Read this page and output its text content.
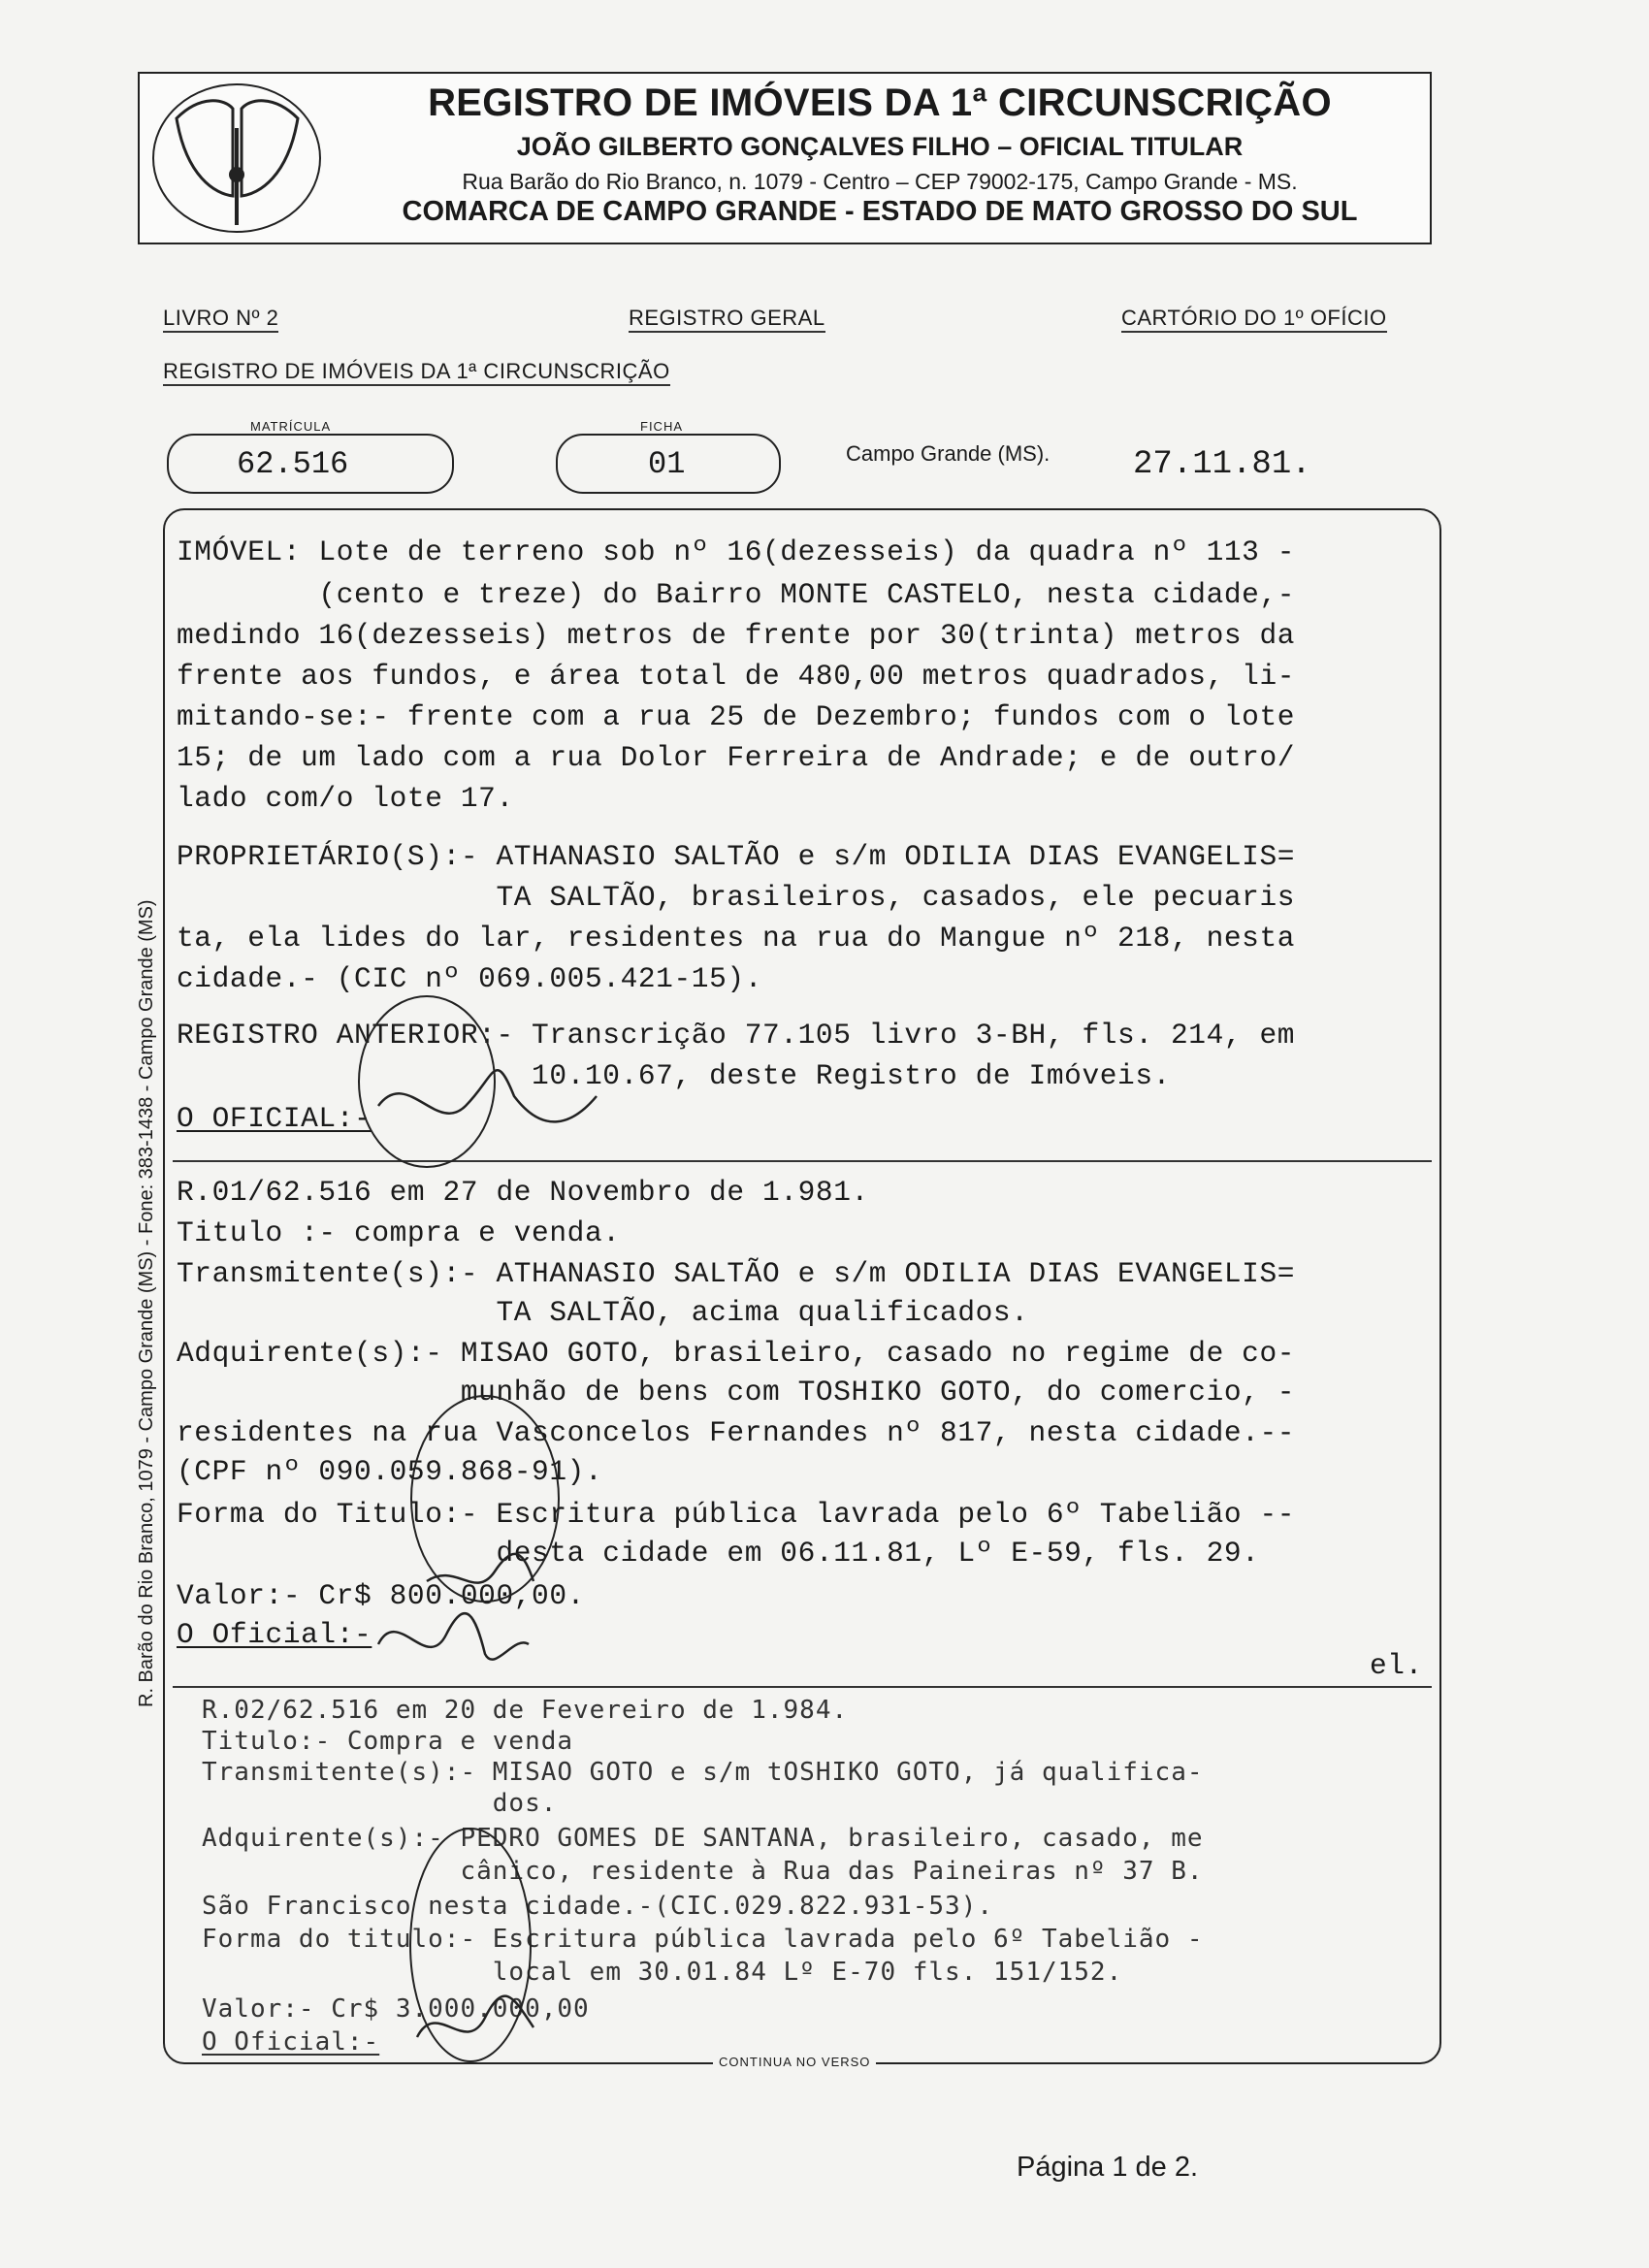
REGISTRO DE IMÓVEIS DA 1ª CIRCUNSCRIÇÃO
JOÃO GILBERTO GONÇALVES FILHO – OFICIAL TITULAR
Rua Barão do Rio Branco, n. 1079 - Centro – CEP 79002-175, Campo Grande - MS.
COMARCA DE CAMPO GRANDE - ESTADO DE MATO GROSSO DO SUL
LIVRO Nº 2	REGISTRO GERAL	CARTÓRIO DO 1º OFÍCIO
REGISTRO DE IMÓVEIS DA 1ª CIRCUNSCRIÇÃO
MATRÍCULA	FICHA
62.516	01	Campo Grande (MS).	27.11.81.
IMÓVEL: Lote de terreno sob nº 16(dezesseis) da quadra nº 113 -
(cento e treze) do Bairro MONTE CASTELO, nesta cidade,-
medindo 16(dezesseis) metros de frente por 30(trinta) metros da
frente aos fundos, e área total de 480,00 metros quadrados, li-
mitando-se:- frente com a rua 25 de Dezembro; fundos com o lote
15; de um lado com a rua Dolor Ferreira de Andrade; e de outro/
lado com/o lote 17.
PROPRIETÁRIO(S):- ATHANASIO SALTÃO e s/m ODILIA DIAS EVANGELIS=
TA SALTÃO, brasileiros, casados, ele pecuaris
ta, ela lides do lar, residentes na rua do Mangue nº 218, nesta
cidade.- (CIC nº 069.005.421-15).
REGISTRO ANTERIOR:- Transcrição 77.105 livro 3-BH, fls. 214, em
10.10.67, deste Registro de Imóveis.
O OFICIAL:-
R.01/62.516 em 27 de Novembro de 1.981.
Titulo :- compra e venda.
Transmitente(s):- ATHANASIO SALTÃO e s/m ODILIA DIAS EVANGELIS=
TA SALTÃO, acima qualificados.
Adquirente(s):- MISAO GOTO, brasileiro, casado no regime de co-
munhão de bens com TOSHIKO GOTO, do comercio, -
residentes na rua Vasconcelos Fernandes nº 817, nesta cidade.--
(CPF nº 090.059.868-91).
Forma do Titulo:- Escritura pública lavrada pelo 6º Tabelião --
desta cidade em 06.11.81, Lº E-59, fls. 29.
Valor:- Cr$ 800.000,00.
O Oficial:-
el.
R.02/62.516 em 20 de Fevereiro de 1.984.
Titulo:- Compra e venda
Transmitente(s):- MISAO GOTO e s/m tOSHIKO GOTO, já qualifica-
dos.
Adquirente(s):- PEDRO GOMES DE SANTANA, brasileiro, casado, me
cânico, residente à Rua das Paineiras nº 37 B.
São Francisco nesta cidade.-(CIC.029.822.931-53).
Forma do titulo:- Escritura pública lavrada pelo 6º Tabelião -
local em 30.01.84 Lº E-70 fls. 151/152.
Valor:- Cr$ 3.000.000,00
O Oficial:-
CONTINUA NO VERSO
R. Barão do Rio Branco, 1079 - Campo Grande (MS) - Fone: 383-1438 - Campo Grande (MS)
Página 1 de 2.
